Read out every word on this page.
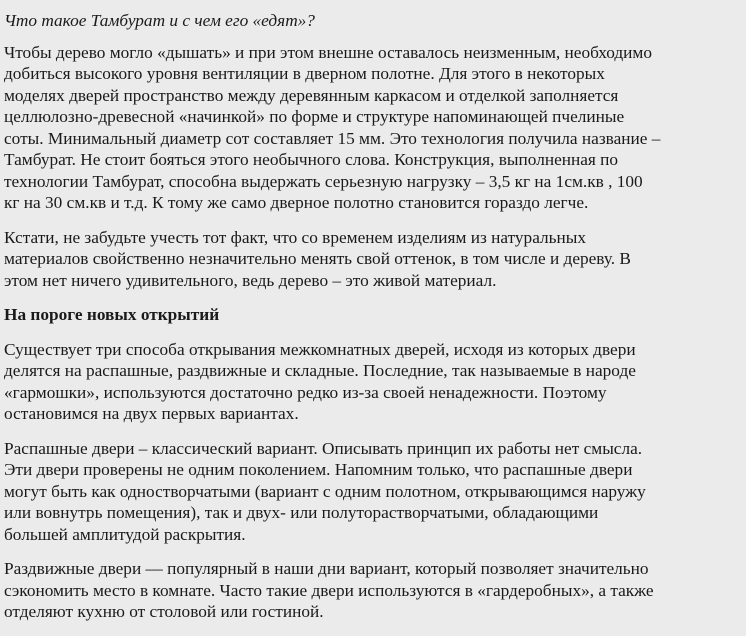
Что такое Тамбурат и с чем его «едят»?
Чтобы дерево могло «дышать» и при этом внешне оставалось неизменным, необходимо
добиться высокого уровня вентиляции в дверном полотне. Для этого в некоторых
моделях дверей пространство между деревянным каркасом и отделкой заполняется
целлюлозно-древесной «начинкой» по форме и структуре напоминающей пчелиные
соты. Минимальный диаметр сот составляет 15 мм. Это технология получила название –
Тамбурат. Не стоит бояться этого необычного слова. Конструкция, выполненная по
технологии Тамбурат, способна выдержать серьезную нагрузку – 3,5 кг на 1см.кв , 100
кг на 30 см.кв и т.д. К тому же само дверное полотно становится гораздо легче.
Кстати, не забудьте учесть тот факт, что со временем изделиям из натуральных
материалов свойственно незначительно менять свой оттенок, в том числе и дереву. В
этом нет ничего удивительного, ведь дерево – это живой материал.
На пороге новых открытий
Существует три способа открывания межкомнатных дверей, исходя из которых двери
делятся на распашные, раздвижные и складные. Последние, так называемые в народе
«гармошки», используются достаточно редко из-за своей ненадежности. Поэтому
остановимся на двух первых вариантах.
Распашные двери – классический вариант. Описывать принцип их работы нет смысла.
Эти двери проверены не одним поколением. Напомним только, что распашные двери
могут быть как одностворчатыми (вариант с одним полотном, открывающимся наружу
или вовнутрь помещения), так и двух- или полуторастворчатыми, обладающими
большей амплитудой раскрытия.
Раздвижные двери — популярный в наши дни вариант, который позволяет значительно
сэкономить место в комнате. Часто такие двери используются в «гардеробных», а также
отделяют кухню от столовой или гостиной.
